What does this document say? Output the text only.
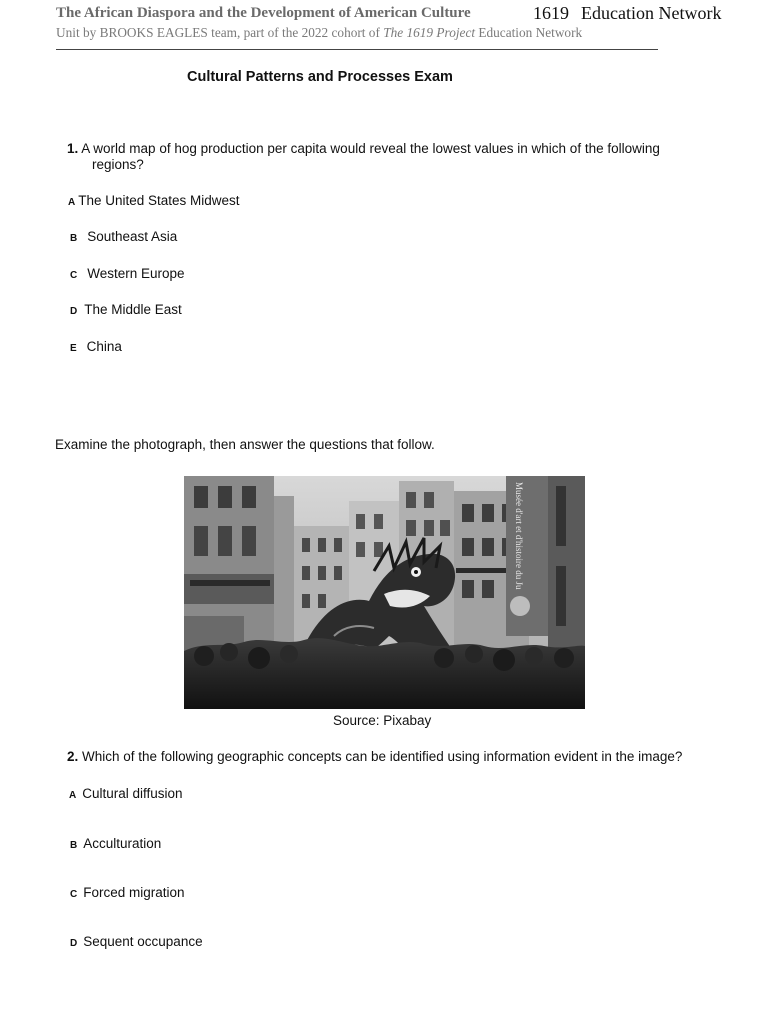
The African Diaspora and the Development of American Culture	1619 Education Network
Unit by BROOKS EAGLES team, part of the 2022 cohort of The 1619 Project Education Network
Cultural Patterns and Processes Exam
1. A world map of hog production per capita would reveal the lowest values in which of the following
regions?
A The United States Midwest
B Southeast Asia
C Western Europe
D The Middle East
E China
Examine the photograph, then answer the questions that follow.
Musée d'art et d'histoire du Ju
Source: Pixabay
2. Which of the following geographic concepts can be identified using information evident in the image?
A Cultural diffusion
B Acculturation
C Forced migration
D Sequent occupance
